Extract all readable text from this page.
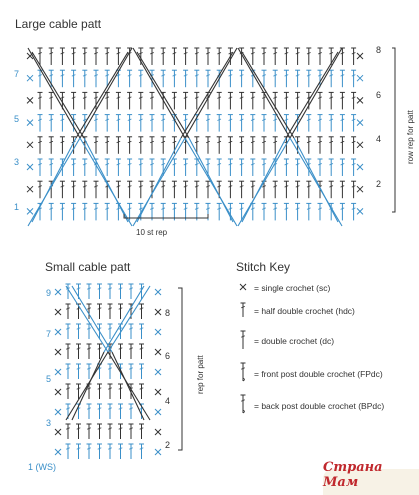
Large cable patt
Small cable patt	Stitch Key
7
5
3
1
8
6
4
2
10 st rep
row rep for patt
9
7
5
3
1 (WS)
8
6
4
2
rep for patt
= single crochet (sc)
= half double crochet (hdc)
= double crochet (dc)
= front post double crochet (FPdc)
= back post double crochet (BPdc)
Страна Мам
